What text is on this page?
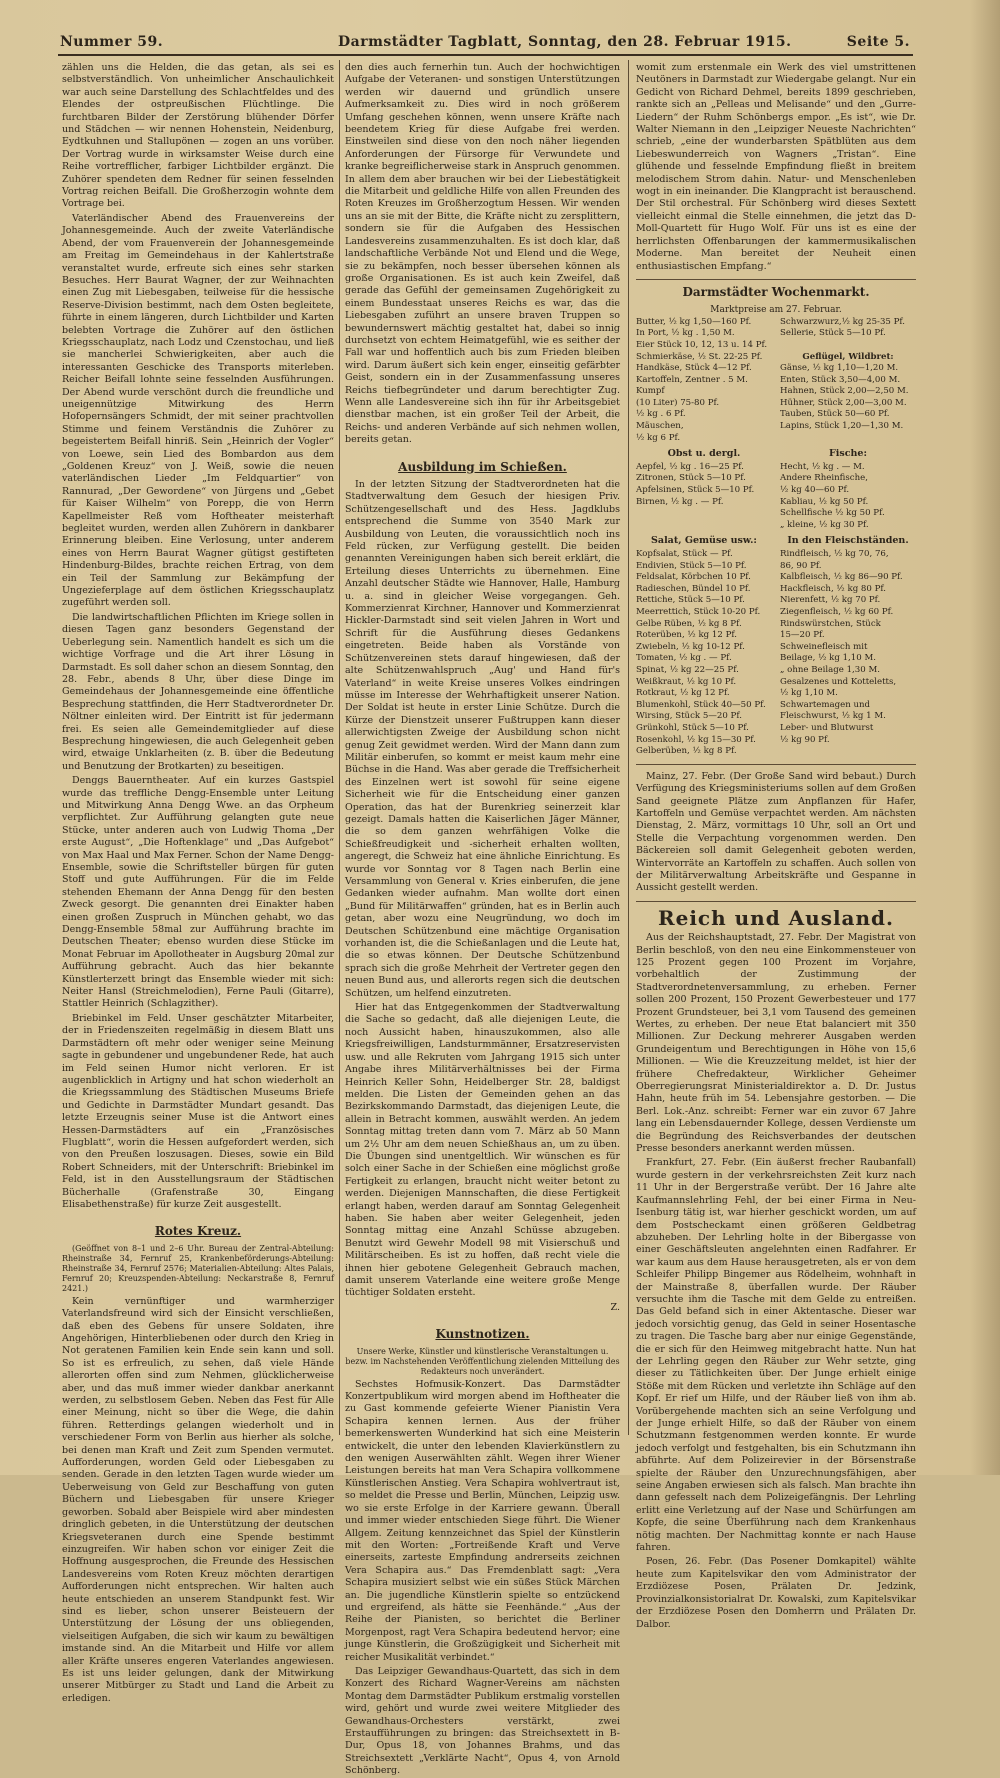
Nummer 59.	Darmstädter Tagblatt, Sonntag, den 28. Februar 1915.	Seite 5.

zählen uns die Helden, die das getan, als sei es selbstverständlich. Von unheimlicher Anschaulichkeit war auch seine Darstellung des Schlachtfeldes und des Elendes der ostpreußischen Flüchtlinge. Die furchtbaren Bilder der Zerstörung blühender Dörfer und Städchen — wir nennen Hohenstein, Neidenburg, Eydtkuhnen und Stallupönen — zogen an uns vorüber. Der Vortrag wurde in wirksamster Weise durch eine Reihe vortrefflicher, farbiger Lichtbilder ergänzt. Die Zuhörer spendeten dem Redner für seinen fesselnden Vortrag reichen Beifall. Die Großherzogin wohnte dem Vortrage bei.

Vaterländischer Abend des Frauenvereins der Johannesgemeinde. Auch der zweite Vaterländische Abend, der vom Frauenverein der Johannesgemeinde am Freitag im Gemeindehaus in der Kahlertstraße veranstaltet wurde, erfreute sich eines sehr starken Besuches. Herr Baurat Wagner, der zur Weihnachten einen Zug mit Liebesgaben, teilweise für die hessische Reserve-Division bestimmt, nach dem Osten begleitete, führte in einem längeren, durch Lichtbilder und Karten belebten Vortrage die Zuhörer auf den östlichen Kriegsschauplatz, nach Lodz und Czenstochau, und ließ sie mancherlei Schwierigkeiten, aber auch die interessanten Geschicke des Transports miterleben. Reicher Beifall lohnte seine fesselnden Ausführungen. Der Abend wurde verschönt durch die freundliche und uneigennützige Mitwirkung des Herrn Hofopernsängers Schmidt, der mit seiner prachtvollen Stimme und feinem Verständnis die Zuhörer zu begeistertem Beifall hinriß. Sein „Heinrich der Vogler“ von Loewe, sein Lied des Bombardon aus dem „Goldenen Kreuz“ von J. Weiß, sowie die neuen vaterländischen Lieder „Im Feldquartier“ von Rannurad, „Der Gewordene“ von Jürgens und „Gebet für Kaiser Wilhelm“ von Porepp, die von Herrn Kapellmeister Reß vom Hoftheater meisterhaft begleitet wurden, werden allen Zuhörern in dankbarer Erinnerung bleiben. Eine Verlosung, unter anderem eines von Herrn Baurat Wagner gütigst gestifteten Hindenburg-Bildes, brachte reichen Ertrag, von dem ein Teil der Sammlung zur Bekämpfung der Ungezieferplage auf dem östlichen Kriegsschauplatz zugeführt werden soll.

Die landwirtschaftlichen Pflichten im Kriege sollen in diesen Tagen ganz besonders Gegenstand der Ueberlegung sein. Namentlich handelt es sich um die wichtige Vorfrage und die Art ihrer Lösung in Darmstadt. Es soll daher schon an diesem Sonntag, den 28. Febr., abends 8 Uhr, über diese Dinge im Gemeindehaus der Johannesgemeinde eine öffentliche Besprechung stattfinden, die Herr Stadtverordneter Dr. Nöltner einleiten wird. Der Eintritt ist für jedermann frei. Es seien alle Gemeindemitglieder auf diese Besprechung hingewiesen, die auch Gelegenheit geben wird, etwaige Unklarheiten (z. B. über die Bedeutung und Benutzung der Brotkarten) zu beseitigen.

Denggs Bauerntheater. Auf ein kurzes Gastspiel wurde das treffliche Dengg-Ensemble unter Leitung und Mitwirkung Anna Dengg Wwe. an das Orpheum verpflichtet. Zur Aufführung gelangten gute neue Stücke, unter anderen auch von Ludwig Thoma „Der erste August“, „Die Hoftenklage“ und „Das Aufgebot“ von Max Haal und Max Ferner. Schon der Name Dengg-Ensemble, sowie die Schriftsteller bürgen für guten Stoff und gute Aufführungen. Für die im Felde stehenden Ehemann der Anna Dengg für den besten Zweck gesorgt. Die genannten drei Einakter haben einen großen Zuspruch in München gehabt, wo das Dengg-Ensemble 58mal zur Aufführung brachte im Deutschen Theater; ebenso wurden diese Stücke im Monat Februar im Apollotheater in Augsburg 20mal zur Aufführung gebracht. Auch das hier bekannte Künstlerterzett bringt das Ensemble wieder mit sich: Neiter Hansl (Streichmelodien), Ferne Pauli (Gitarre), Stattler Heinrich (Schlagzither).

Briebinkel im Feld. Unser geschätzter Mitarbeiter, der in Friedenszeiten regelmäßig in diesem Blatt uns Darmstädtern oft mehr oder weniger seine Meinung sagte in gebundener und ungebundener Rede, hat auch im Feld seinen Humor nicht verloren. Er ist augenblicklich in Artigny und hat schon wiederholt an die Kriegssammlung des Städtischen Museums Briefe und Gedichte in Darmstädter Mundart gesandt. Das letzte Erzeugnis seiner Muse ist die Antwort eines Hessen-Darmstädters auf ein „Französisches Flugblatt“, worin die Hessen aufgefordert werden, sich von den Preußen loszusagen. Dieses, sowie ein Bild Robert Schneiders, mit der Unterschrift: Briebinkel im Feld, ist in den Ausstellungsraum der Städtischen Bücherhalle (Grafenstraße 30, Eingang Elisabethenstraße) für kurze Zeit ausgestellt.

Rotes Kreuz.

(Geöffnet von 8–1 und 2–6 Uhr. Bureau der Zentral-Abteilung: Rheinstraße 34, Fernruf 25, Krankenbeförderungs-Abteilung: Rheinstraße 34, Fernruf 2576; Materialien-Abteilung: Altes Palais, Fernruf 20; Kreuzspenden-Abteilung: Neckarstraße 8, Fernruf 2421.)

Kein vernünftiger und warmherziger Vaterlandsfreund wird sich der Einsicht verschließen, daß eben des Gebens für unsere Soldaten, ihre Angehörigen, Hinterbliebenen oder durch den Krieg in Not geratenen Familien kein Ende sein kann und soll. So ist es erfreulich, zu sehen, daß viele Hände allerorten offen sind zum Nehmen, glücklicherweise aber, und das muß immer wieder dankbar anerkannt werden, zu selbstlosem Geben. Neben das Fest für Alle einer Meinung, nicht so über die Wege, die dahin führen. Retterdings gelangen wiederholt und in verschiedener Form von Berlin aus hierher als solche, bei denen man Kraft und Zeit zum Spenden vermutet. Aufforderungen, worden Geld oder Liebesgaben zu senden. Gerade in den letzten Tagen wurde wieder um Ueberweisung von Geld zur Beschaffung von guten Büchern und Liebesgaben für unsere Krieger geworben. Sobald aber Beispiele wird aber mindesten dringlich gebeten, in die Unterstützung der deutschen Kriegsveteranen durch eine Spende bestimmt einzugreifen. Wir haben schon vor einiger Zeit die Hoffnung ausgesprochen, die Freunde des Hessischen Landesvereins vom Roten Kreuz möchten derartigen Aufforderungen nicht entsprechen. Wir halten auch heute entschieden an unserem Standpunkt fest. Wir sind es lieber, schon unserer Beisteuern der Unterstützung der Lösung der uns obliegenden, vielseitigen Aufgaben, die sich wir kaum zu bewältigen imstande sind. An die Mitarbeit und Hilfe vor allem aller Kräfte unseres engeren Vaterlandes angewiesen. Es ist uns leider gelungen, dank der Mitwirkung unserer Mitbürger zu Stadt und Land die Arbeit zu erledigen.

den dies auch fernerhin tun. Auch der hochwichtigen Aufgabe der Veteranen- und sonstigen Unterstützungen werden wir dauernd und gründlich unsere Aufmerksamkeit zu. Dies wird in noch größerem Umfang geschehen können, wenn unsere Kräfte nach beendetem Krieg für diese Aufgabe frei werden. Einstweilen sind diese von den noch näher liegenden Anforderungen der Fürsorge für Verwundete und kranke begreiflicherweise stark in Anspruch genommen. In allem dem aber brauchen wir bei der Liebestätigkeit die Mitarbeit und geldliche Hilfe von allen Freunden des Roten Kreuzes im Großherzogtum Hessen. Wir wenden uns an sie mit der Bitte, die Kräfte nicht zu zersplittern, sondern sie für die Aufgaben des Hessischen Landesvereins zusammenzuhalten. Es ist doch klar, daß landschaftliche Verbände Not und Elend und die Wege, sie zu bekämpfen, noch besser übersehen können als große Organisationen. Es ist auch kein Zweifel, daß gerade das Gefühl der gemeinsamen Zugehörigkeit zu einem Bundesstaat unseres Reichs es war, das die Liebesgaben zuführt an unsere braven Truppen so bewundernswert mächtig gestaltet hat, dabei so innig durchsetzt von echtem Heimatgefühl, wie es seither der Fall war und hoffentlich auch bis zum Frieden bleiben wird. Darum äußert sich kein enger, einseitig gefärbter Geist, sondern ein in der Zusammenfassung unseres Reichs tiefbegründeter und darum berechtigter Zug. Wenn alle Landesvereine sich ihn für ihr Arbeitsgebiet dienstbar machen, ist ein großer Teil der Arbeit, die Reichs- und anderen Verbände auf sich nehmen wollen, bereits getan.

Ausbildung im Schießen.

In der letzten Sitzung der Stadtverordneten hat die Stadtverwaltung dem Gesuch der hiesigen Priv. Schützengesellschaft und des Hess. Jagdklubs entsprechend die Summe von 3540 Mark zur Ausbildung von Leuten, die voraussichtlich noch ins Feld rücken, zur Verfügung gestellt. Die beiden genannten Vereinigungen haben sich bereit erklärt, die Erteilung dieses Unterrichts zu übernehmen. Eine Anzahl deutscher Städte wie Hannover, Halle, Hamburg u. a. sind in gleicher Weise vorgegangen. Geh. Kommerzienrat Kirchner, Hannover und Kommerzienrat Hickler-Darmstadt sind seit vielen Jahren in Wort und Schrift für die Ausführung dieses Gedankens eingetreten. Beide haben als Vorstände von Schützenvereinen stets darauf hingewiesen, daß der alte Schützenwahlspruch „Aug' und Hand für's Vaterland“ in weite Kreise unseres Volkes eindringen müsse im Interesse der Wehrhaftigkeit unserer Nation. Der Soldat ist heute in erster Linie Schütze. Durch die Kürze der Dienstzeit unserer Fußtruppen kann dieser allerwichtigsten Zweige der Ausbildung schon nicht genug Zeit gewidmet werden. Wird der Mann dann zum Militär einberufen, so kommt er meist kaum mehr eine Büchse in die Hand. Was aber gerade die Treffsicherheit des Einzelnen wert ist sowohl für seine eigene Sicherheit wie für die Entscheidung einer ganzen Operation, das hat der Burenkrieg seinerzeit klar gezeigt. Damals hatten die Kaiserlichen Jäger Männer, die so dem ganzen wehrfähigen Volke die Schießfreudigkeit und -sicherheit erhalten wollten, angeregt, die Schweiz hat eine ähnliche Einrichtung. Es wurde vor Sonntag vor 8 Tagen nach Berlin eine Versammlung von General v. Kries einberufen, die jene Gedanken wieder aufnahm. Man wollte dort einen „Bund für Militärwaffen“ gründen, hat es in Berlin auch getan, aber wozu eine Neugründung, wo doch im Deutschen Schützenbund eine mächtige Organisation vorhanden ist, die die Schießanlagen und die Leute hat, die so etwas können. Der Deutsche Schützenbund sprach sich die große Mehrheit der Vertreter gegen den neuen Bund aus, und allerorts regen sich die deutschen Schützen, um helfend einzutreten.

Hier hat das Entgegenkommen der Stadtverwaltung die Sache so gedacht, daß alle diejenigen Leute, die noch Aussicht haben, hinauszukommen, also alle Kriegsfreiwilligen, Landsturmmänner, Ersatzreservisten usw. und alle Rekruten vom Jahrgang 1915 sich unter Angabe ihres Militärverhältnisses bei der Firma Heinrich Keller Sohn, Heidelberger Str. 28, baldigst melden. Die Listen der Gemeinden gehen an das Bezirkskommando Darmstadt, das diejenigen Leute, die allein in Betracht kommen, auswählt werden. An jedem Sonntag mittag treten dann vom 7. März ab 50 Mann um 2½ Uhr am dem neuen Schießhaus an, um zu üben. Die Übungen sind unentgeltlich. Wir wünschen es für solch einer Sache in der Schießen eine möglichst große Fertigkeit zu erlangen, braucht nicht weiter betont zu werden. Diejenigen Mannschaften, die diese Fertigkeit erlangt haben, werden darauf am Sonntag Gelegenheit haben. Sie haben aber weiter Gelegenheit, jeden Sonntag mittag eine Anzahl Schüsse abzugeben. Benutzt wird Gewehr Modell 98 mit Visierschuß und Militärscheiben. Es ist zu hoffen, daß recht viele die ihnen hier gebotene Gelegenheit Gebrauch machen, damit unserem Vaterlande eine weitere große Menge tüchtiger Soldaten ersteht.

Z.
Kunstnotizen.

Unsere Werke, Künstler und künstlerische Veranstaltungen u. bezw. im Nachstehenden Veröffentlichung zielenden Mitteilung des Redakteurs noch unverändert.

Sechstes Hofmusik-Konzert. Das Darmstädter Konzertpublikum wird morgen abend im Hoftheater die zu Gast kommende gefeierte Wiener Pianistin Vera Schapira kennen lernen. Aus der früher bemerkenswerten Wunderkind hat sich eine Meisterin entwickelt, die unter den lebenden Klavierkünstlern zu den wenigen Auserwählten zählt. Wegen ihrer Wiener Leistungen bereits hat man Vera Schapira vollkommene Künstlerischen Anstieg. Vera Schapira wohlvertraut ist, so meldet die Presse und Berlin, München, Leipzig usw. wo sie erste Erfolge in der Karriere gewann. Überall und immer wieder entschieden Siege führt. Die Wiener Allgem. Zeitung kennzeichnet das Spiel der Künstlerin mit den Worten: „Fortreißende Kraft und Verve einerseits, zarteste Empfindung andrerseits zeichnen Vera Schapira aus.“ Das Fremdenblatt sagt: „Vera Schapira musiziert selbst wie ein süßes Stück Märchen an. Die jugendliche Künstlerin spielte so entzückend und ergreifend, als hätte sie Feenhände.“ „Aus der Reihe der Pianisten, so berichtet die Berliner Morgenpost, ragt Vera Schapira bedeutend hervor; eine junge Künstlerin, die Großzügigkeit und Sicherheit mit reicher Musikalität verbindet.“

Das Leipziger Gewandhaus-Quartett, das sich in dem Konzert des Richard Wagner-Vereins am nächsten Montag dem Darmstädter Publikum erstmalig vorstellen wird, gehört und wurde zwei weitere Mitglieder des Gewandhaus-Orchesters verstärkt, zwei Erstaufführungen zu bringen: das Streichsextett in B-Dur, Opus 18, von Johannes Brahms, und das Streichsextett „Verklärte Nacht“, Opus 4, von Arnold Schönberg.

womit zum erstenmale ein Werk des viel umstrittenen Neutöners in Darmstadt zur Wiedergabe gelangt. Nur ein Gedicht von Richard Dehmel, bereits 1899 geschrieben, rankte sich an „Pelleas und Melisande“ und den „Gurre-Liedern“ der Ruhm Schönbergs empor. „Es ist“, wie Dr. Walter Niemann in den „Leipziger Neueste Nachrichten“ schrieb, „eine der wunderbarsten Spätblüten aus dem Liebeswunderreich von Wagners „Tristan“. Eine glühende und fesselnde Empfindung fließt in breitem melodischem Strom dahin. Natur- und Menschenleben wogt in ein ineinander. Die Klangpracht ist berauschend. Der Stil orchestral. Für Schönberg wird dieses Sextett vielleicht einmal die Stelle einnehmen, die jetzt das D-Moll-Quartett für Hugo Wolf. Für uns ist es eine der herrlichsten Offenbarungen der kammermusikalischen Moderne. Man bereitet der Neuheit einen enthusiastischen Empfang.“

Darmstädter Wochenmarkt.
Marktpreise am 27. Februar.
Butter, ½ kg 1,50—160 Pf.
In Port, ½ kg . 1,50 M.
Eier Stück 10, 12, 13 u. 14 Pf.
Schmierkäse, ½ St. 22-25 Pf.
Handkäse, Stück 4—12 Pf.
Kartoffeln, Zentner . 5 M.
Kumpf
(10 Liter) 75-80 Pf.
½ kg . 6 Pf.
Mäuschen,
½ kg 6 Pf.
Schwarzwurz,½ kg 25-35 Pf.
Sellerie, Stück 5—10 Pf.

Geflügel, Wildbret:
Gänse, ½ kg 1,10—1,20 M.
Enten, Stück 3,50—4,00 M.
Hahnen, Stück 2,00—2,50 M.
Hühner, Stück 2,00—3,00 M.
Tauben, Stück 50—60 Pf.
Lapins, Stück 1,20—1,30 M.
Obst u. dergl.
Aepfel, ½ kg . 16—25 Pf.
Zitronen, Stück 5—10 Pf.
Apfelsinen, Stück 5—10 Pf.
Birnen, ½ kg . — Pf.
Fische:
Hecht, ½ kg . — M.
Andere Rheinfische,
½ kg 40—60 Pf.
Kabliau, ½ kg 50 Pf.
Schellfische ½ kg 50 Pf.
„ kleine, ½ kg 30 Pf.
Salat, Gemüse usw.:
Kopfsalat, Stück — Pf.
Endivien, Stück 5—10 Pf.
Feldsalat, Körbchen 10 Pf.
Radieschen, Bündel 10 Pf.
Rettiche, Stück 5—10 Pf.
Meerrettich, Stück 10-20 Pf.
Gelbe Rüben, ½ kg 8 Pf.
Roterüben, ½ kg 12 Pf.
Zwiebeln, ½ kg 10-12 Pf.
Tomaten, ½ kg . — Pf.
Spinat, ½ kg 22—25 Pf.
Weißkraut, ½ kg 10 Pf.
Rotkraut, ½ kg 12 Pf.
Blumenkohl, Stück 40—50 Pf.
Wirsing, Stück 5—20 Pf.
Grünkohl, Stück 5—10 Pf.
Rosenkohl, ½ kg 15—30 Pf.
Gelberüben, ½ kg 8 Pf.
In den Fleischständen.
Rindfleisch, ½ kg 70, 76,
86, 90 Pf.
Kalbfleisch, ½ kg 86—90 Pf.
Hackfleisch, ½ kg 80 Pf.
Nierenfett, ½ kg 70 Pf.
Ziegenfleisch, ½ kg 60 Pf.
Rindswürstchen, Stück
15—20 Pf.
Schweinefleisch mit
Beilage, ½ kg 1,10 M.
„ ohne Beilage 1,30 M.
Gesalzenes und Kotteletts,
½ kg 1,10 M.
Schwartemagen und
Fleischwurst, ½ kg 1 M.
Leber- und Blutwurst
½ kg 90 Pf.

Mainz, 27. Febr. (Der Große Sand wird bebaut.) Durch Verfügung des Kriegsministeriums sollen auf dem Großen Sand geeignete Plätze zum Anpflanzen für Hafer, Kartoffeln und Gemüse verpachtet werden. Am nächsten Dienstag, 2. März, vormittags 10 Uhr, soll an Ort und Stelle die Verpachtung vorgenommen werden. Den Bäckereien soll damit Gelegenheit geboten werden, Wintervorräte an Kartoffeln zu schaffen. Auch sollen von der Militärverwaltung Arbeitskräfte und Gespanne in Aussicht gestellt werden.

Reich und Ausland.

Aus der Reichshauptstadt, 27. Febr. Der Magistrat von Berlin beschloß, von den neu eine Einkommensteuer von 125 Prozent gegen 100 Prozent im Vorjahre, vorbehaltlich der Zustimmung der Stadtverordnetenversammlung, zu erheben. Ferner sollen 200 Prozent, 150 Prozent Gewerbesteuer und 177 Prozent Grundsteuer, bei 3,1 vom Tausend des gemeinen Wertes, zu erheben. Der neue Etat balanciert mit 350 Millionen. Zur Deckung mehrerer Ausgaben werden Grundeigentum und Berechtigungen in Höhe von 15,6 Millionen. — Wie die Kreuzzeitung meldet, ist hier der frühere Chefredakteur, Wirklicher Geheimer Oberregierungsrat Ministerialdirektor a. D. Dr. Justus Hahn, heute früh im 54. Lebensjahre gestorben. — Die Berl. Lok.-Anz. schreibt: Ferner war ein zuvor 67 Jahre lang ein Lebensdauernder Kollege, dessen Verdienste um die Begründung des Reichsverbandes der deutschen Presse besonders anerkannt werden müssen.

Frankfurt, 27. Febr. (Ein äußerst frecher Raubanfall) wurde gestern in der verkehrsreichsten Zeit kurz nach 11 Uhr in der Bergerstraße verübt. Der 16 Jahre alte Kaufmannslehrling Fehl, der bei einer Firma in Neu-Isenburg tätig ist, war hierher geschickt worden, um auf dem Postscheckamt einen größeren Geldbetrag abzuheben. Der Lehrling holte in der Bibergasse von einer Geschäftsleuten angelehnten einen Radfahrer. Er war kaum aus dem Hause herausgetreten, als er von dem Schleifer Philipp Bingemer aus Rödelheim, wohnhaft in der Mainstraße 8, überfallen wurde. Der Räuber versuchte ihm die Tasche mit dem Gelde zu entreißen. Das Geld befand sich in einer Aktentasche. Dieser war jedoch vorsichtig genug, das Geld in seiner Hosentasche zu tragen. Die Tasche barg aber nur einige Gegenstände, die er sich für den Heimweg mitgebracht hatte. Nun hat der Lehrling gegen den Räuber zur Wehr setzte, ging dieser zu Tätlichkeiten über. Der Junge erhielt einige Stöße mit dem Rücken und verletzte ihn Schläge auf den Kopf. Er rief um Hilfe, und der Räuber ließ von ihm ab. Vorübergehende machten sich an seine Verfolgung und der Junge erhielt Hilfe, so daß der Räuber von einem Schutzmann festgenommen werden konnte. Er wurde jedoch verfolgt und festgehalten, bis ein Schutzmann ihn abführte. Auf dem Polizeirevier in der Börsenstraße spielte der Räuber den Unzurechnungsfähigen, aber seine Angaben erwiesen sich als falsch. Man brachte ihn dann gefesselt nach dem Polizeigefängnis. Der Lehrling erlitt eine Verletzung auf der Nase und Schürfungen am Kopfe, die seine Überführung nach dem Krankenhaus nötig machten. Der Nachmittag konnte er nach Hause fahren.

Posen, 26. Febr. (Das Posener Domkapitel) wählte heute zum Kapitelsvikar den vom Administrator der Erzdiözese Posen, Prälaten Dr. Jedzink, Provinzialkonsistorialrat Dr. Kowalski, zum Kapitelsvikar der Erzdiözese Posen den Domherrn und Prälaten Dr. Dalbor.
